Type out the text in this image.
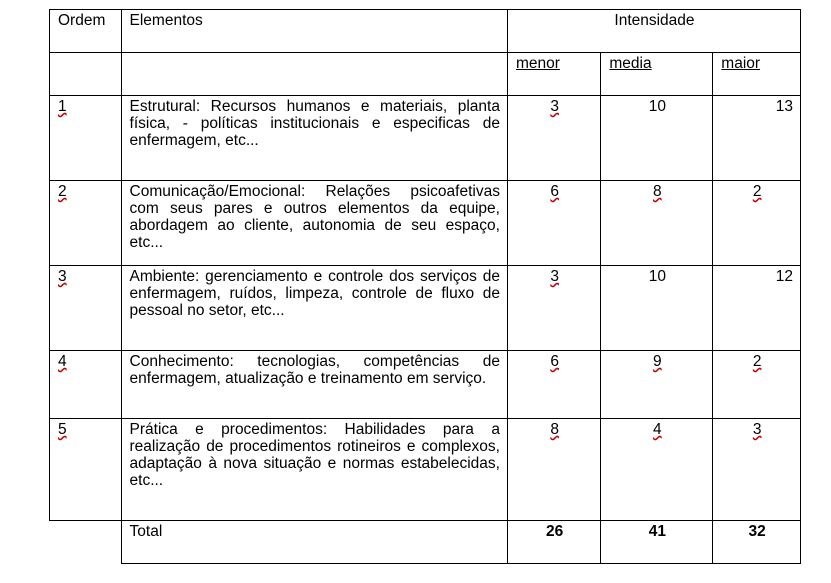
Ordem	Elementos	Intensidade		
		menor	media	maior
1	Estrutural: Recursos humanos e materiais, planta física, - políticas institucionais e especificas de enfermagem, etc...	3	10	13
2	Comunicação/Emocional: Relações psicoafetivas com seus pares e outros elementos da equipe, abordagem ao cliente, autonomia de seu espaço, etc...	6	8	2
3	Ambiente: gerenciamento e controle dos serviços de enfermagem, ruídos, limpeza, controle de fluxo de pessoal no setor, etc...	3	10	12
4	Conhecimento: tecnologias, competências de enfermagem, atualização e treinamento em serviço.	6	9	2
5	Prática e procedimentos: Habilidades para a realização de procedimentos rotineiros e complexos, adaptação à nova situação e normas estabelecidas, etc...	8	4	3
	Total	26	41	32
